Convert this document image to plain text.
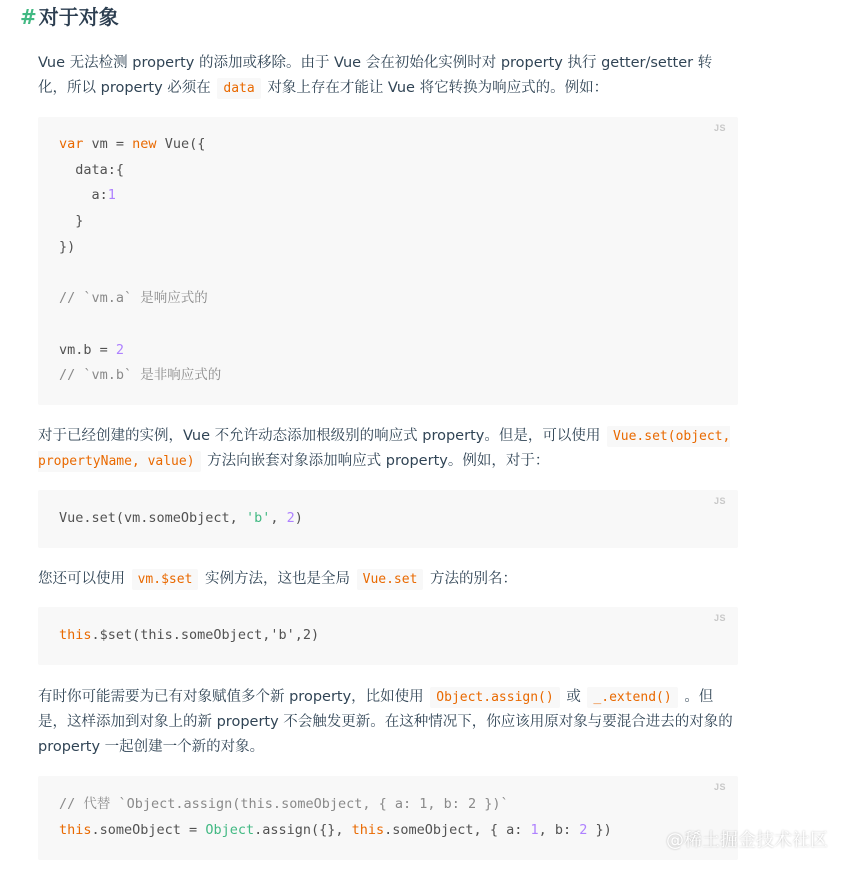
# 对于对象
Vue 无法检测 property 的添加或移除。由于 Vue 会在初始化实例时对 property 执行 getter/setter 转化，所以 property 必须在 data 对象上存在才能让 Vue 将它转换为响应式的。例如：
JS
var vm = new Vue({
data:{
a:1
}
})

// `vm.a` 是响应式的

vm.b = 2
// `vm.b` 是非响应式的
对于已经创建的实例，Vue 不允许动态添加根级别的响应式 property。但是，可以使用 Vue.set(object, propertyName, value) 方法向嵌套对象添加响应式 property。例如，对于：
JS
Vue.set(vm.someObject, 'b', 2)
您还可以使用 vm.$set 实例方法，这也是全局 Vue.set 方法的别名：
JS
this.$set(this.someObject,'b',2)
有时你可能需要为已有对象赋值多个新 property，比如使用 Object.assign() 或 _.extend() 。但是，这样添加到对象上的新 property 不会触发更新。在这种情况下，你应该用原对象与要混合进去的对象的 property 一起创建一个新的对象。
JS
// 代替 `Object.assign(this.someObject, { a: 1, b: 2 })`
this.someObject = Object.assign({}, this.someObject, { a: 1, b: 2 })
@稀土掘金技术社区
